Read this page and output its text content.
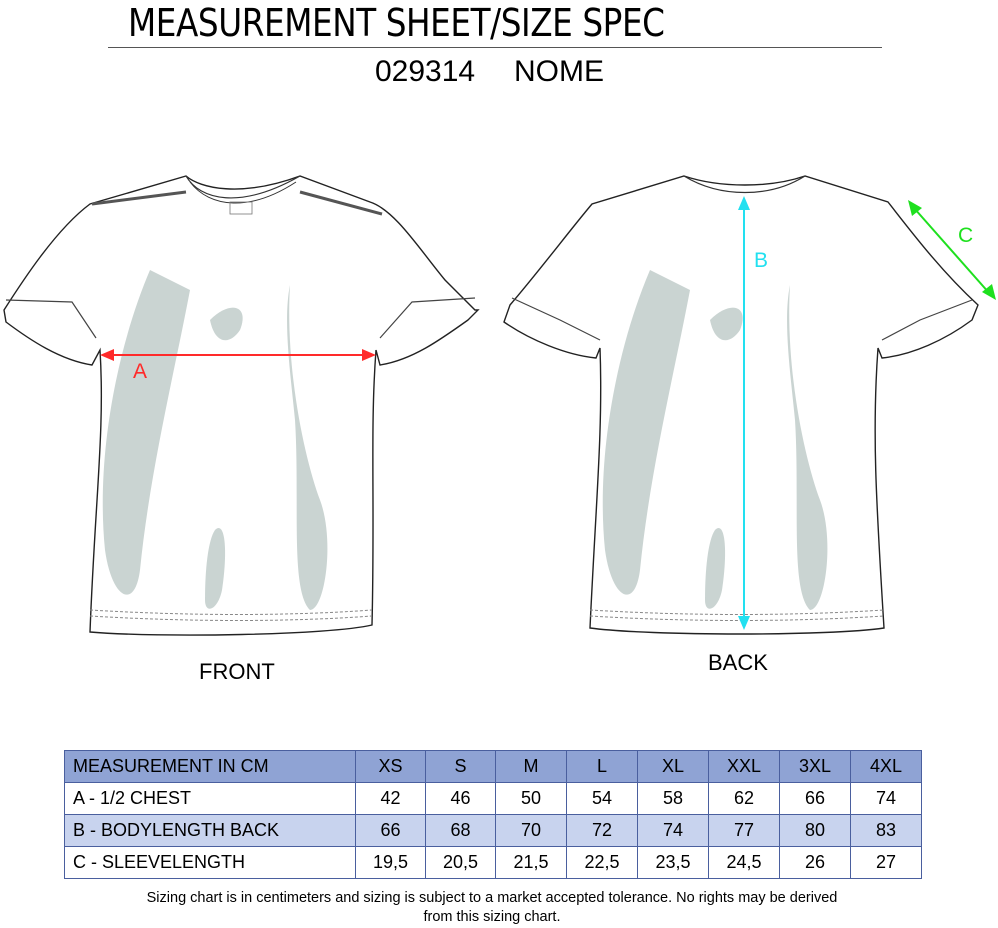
MEASUREMENT SHEET/SIZE SPEC
029314 NOME
A
B
C
FRONT	BACK
MEASUREMENT IN CM	XS	S	M	L	XL	XXL	3XL	4XL
A - 1/2 CHEST	42	46	50	54	58	62	66	74
B - BODYLENGTH BACK	66	68	70	72	74	77	80	83
C - SLEEVELENGTH	19,5	20,5	21,5	22,5	23,5	24,5	26	27
Sizing chart is in centimeters and sizing is subject to a market accepted tolerance. No rights may be derived from this sizing chart.
